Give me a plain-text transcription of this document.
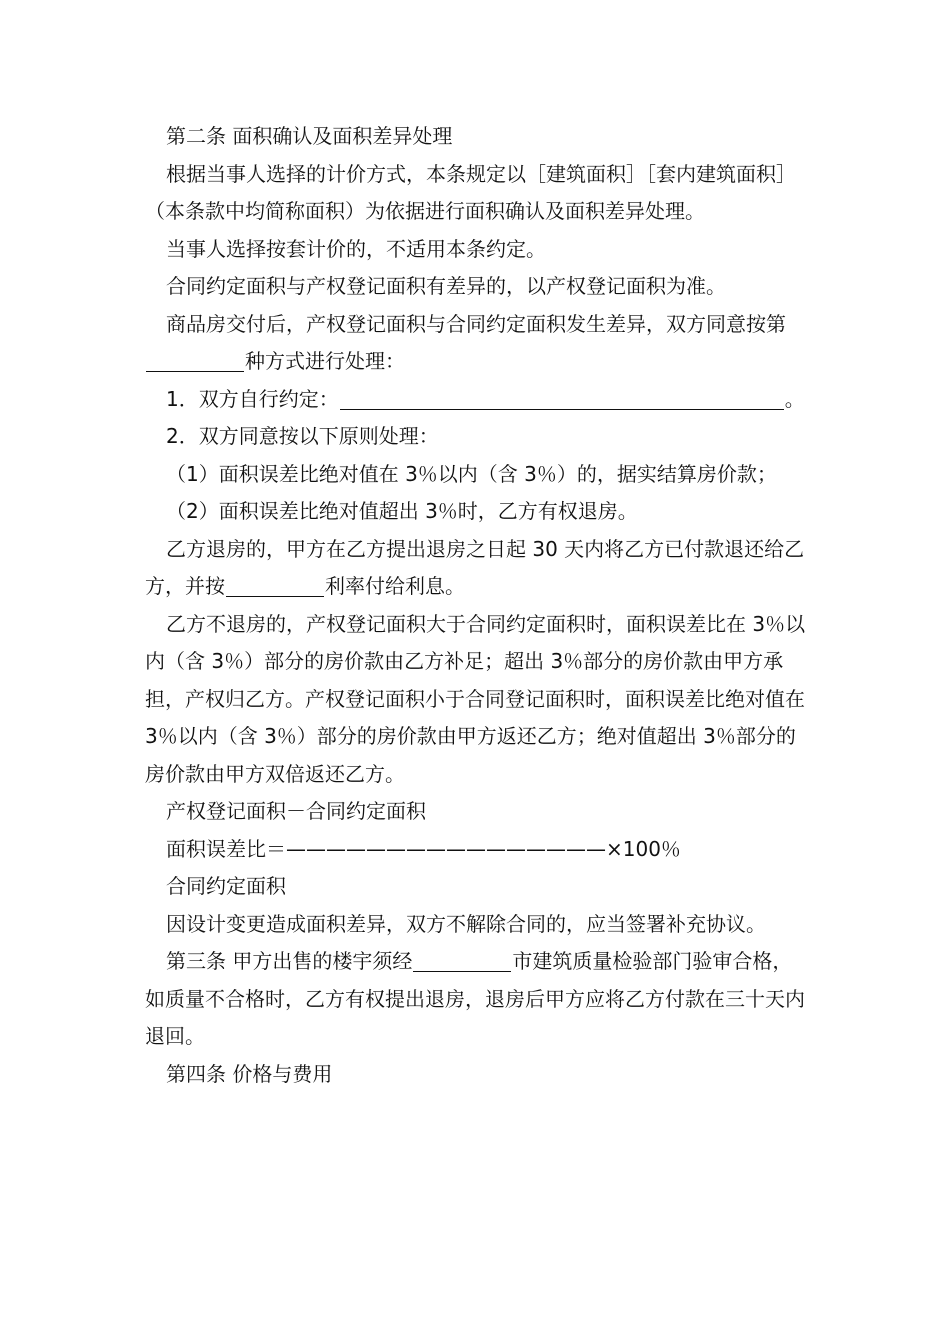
第二条 面积确认及面积差异处理

根据当事人选择的计价方式，本条规定以［建筑面积］［套内建筑面积］（本条款中均简称面积）为依据进行面积确认及面积差异处理。

当事人选择按套计价的，不适用本条约定。

合同约定面积与产权登记面积有差异的，以产权登记面积为准。

商品房交付后，产权登记面积与合同约定面积发生差异，双方同意按第种方式进行处理：

1．双方自行约定：	。

2．双方同意按以下原则处理：

（1）面积误差比绝对值在 3％以内（含 3％）的，据实结算房价款；

（2）面积误差比绝对值超出 3％时，乙方有权退房。

乙方退房的，甲方在乙方提出退房之日起 30 天内将乙方已付款退还给乙方，并按	利率付给利息。

乙方不退房的，产权登记面积大于合同约定面积时，面积误差比在 3％以内（含 3％）部分的房价款由乙方补足；超出 3％部分的房价款由甲方承担，产权归乙方。产权登记面积小于合同登记面积时，面积误差比绝对值在 3％以内（含 3％）部分的房价款由甲方返还乙方；绝对值超出 3％部分的房价款由甲方双倍返还乙方。

产权登记面积－合同约定面积

面积误差比＝————————————————×100％

合同约定面积

因设计变更造成面积差异，双方不解除合同的，应当签署补充协议。

第三条 甲方出售的楼宇须经	市建筑质量检验部门验审合格，如质量不合格时，乙方有权提出退房，退房后甲方应将乙方付款在三十天内退回。

第四条 价格与费用
